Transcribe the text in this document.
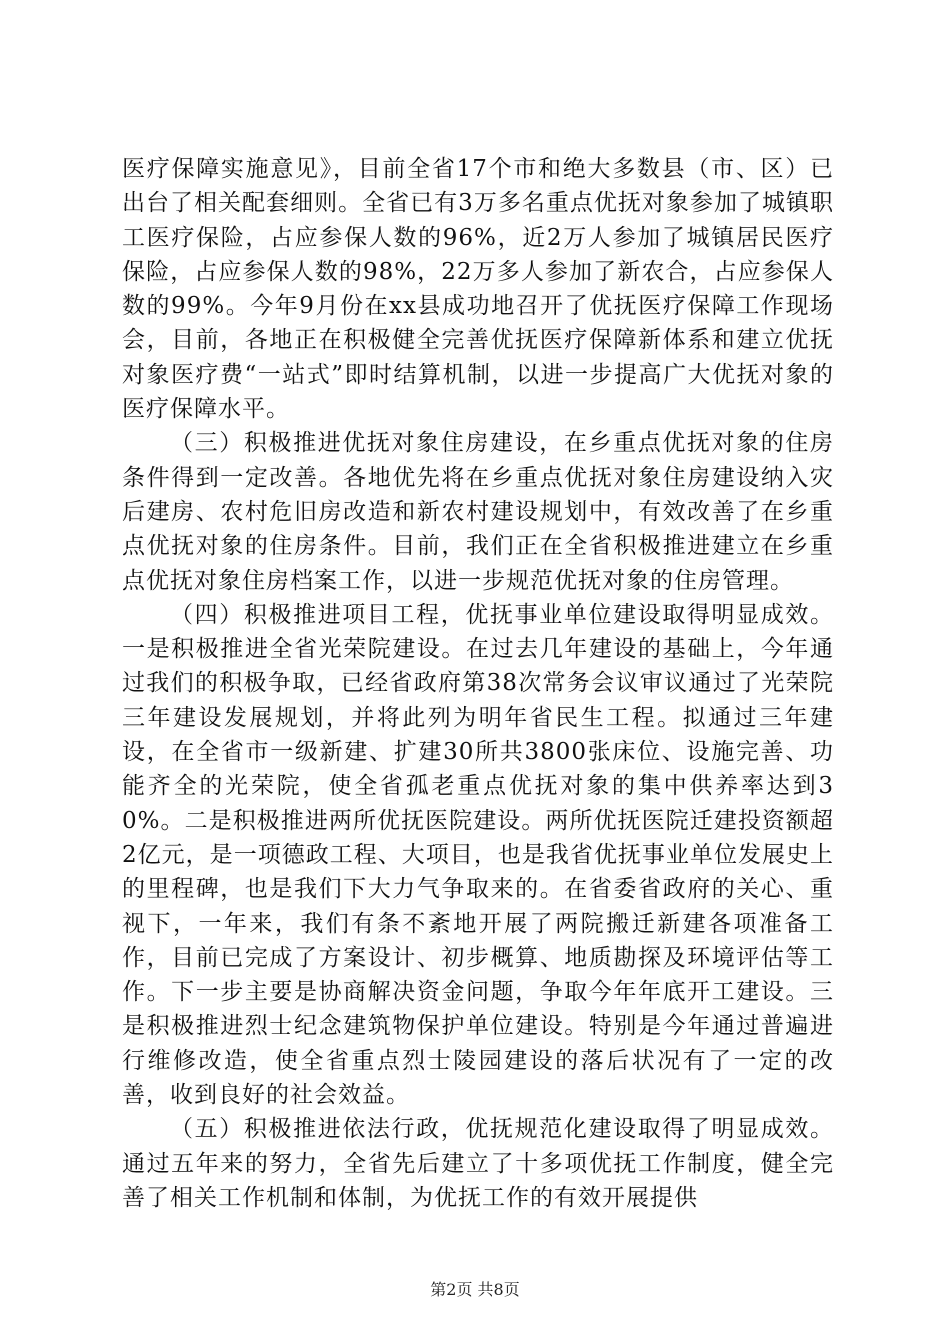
医疗保障实施意见》，目前全省17个市和绝大多数县（市、区）已出台了相关配套细则。全省已有3万多名重点优抚对象参加了城镇职工医疗保险，占应参保人数的96%，近2万人参加了城镇居民医疗保险，占应参保人数的98%，22万多人参加了新农合，占应参保人数的99%。今年9月份在xx县成功地召开了优抚医疗保障工作现场会，目前，各地正在积极健全完善优抚医疗保障新体系和建立优抚对象医疗费“一站式”即时结算机制，以进一步提高广大优抚对象的医疗保障水平。

（三）积极推进优抚对象住房建设，在乡重点优抚对象的住房条件得到一定改善。各地优先将在乡重点优抚对象住房建设纳入灾后建房、农村危旧房改造和新农村建设规划中，有效改善了在乡重点优抚对象的住房条件。目前，我们正在全省积极推进建立在乡重点优抚对象住房档案工作，以进一步规范优抚对象的住房管理。

（四）积极推进项目工程，优抚事业单位建设取得明显成效。一是积极推进全省光荣院建设。在过去几年建设的基础上，今年通过我们的积极争取，已经省政府第38次常务会议审议通过了光荣院三年建设发展规划，并将此列为明年省民生工程。拟通过三年建设，在全省市一级新建、扩建30所共3800张床位、设施完善、功能齐全的光荣院，使全省孤老重点优抚对象的集中供养率达到30%。二是积极推进两所优抚医院建设。两所优抚医院迁建投资额超2亿元，是一项德政工程、大项目，也是我省优抚事业单位发展史上的里程碑，也是我们下大力气争取来的。在省委省政府的关心、重视下，一年来，我们有条不紊地开展了两院搬迁新建各项准备工作，目前已完成了方案设计、初步概算、地质勘探及环境评估等工作。下一步主要是协商解决资金问题，争取今年年底开工建设。三是积极推进烈士纪念建筑物保护单位建设。特别是今年通过普遍进行维修改造，使全省重点烈士陵园建设的落后状况有了一定的改善，收到良好的社会效益。

（五）积极推进依法行政，优抚规范化建设取得了明显成效。通过五年来的努力，全省先后建立了十多项优抚工作制度，健全完善了相关工作机制和体制，为优抚工作的有效开展提供

第2页 共8页
